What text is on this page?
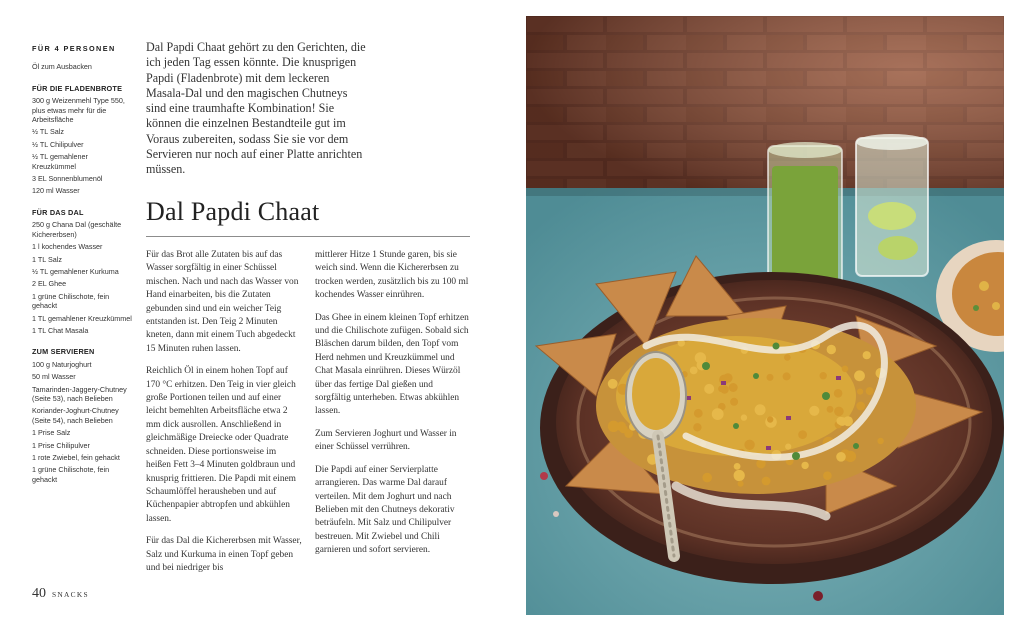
FÜR 4 PERSONEN
Öl zum Ausbacken
FÜR DIE FLADENBROTE
300 g Weizenmehl Type 550, plus etwas mehr für die Arbeitsfläche
½ TL Salz
½ TL Chilipulver
½ TL gemahlener Kreuzkümmel
3 EL Sonnenblumenöl
120 ml Wasser
FÜR DAS DAL
250 g Chana Dal (geschälte Kichererbsen)
1 l kochendes Wasser
1 TL Salz
½ TL gemahlener Kurkuma
2 EL Ghee
1 grüne Chilischote, fein gehackt
1 TL gemahlener Kreuzkümmel
1 TL Chat Masala
ZUM SERVIEREN
100 g Naturjoghurt
50 ml Wasser
Tamarinden-Jaggery-Chutney (Seite 53), nach Belieben
Koriander-Joghurt-Chutney (Seite 54), nach Belieben
1 Prise Salz
1 Prise Chilipulver
1 rote Zwiebel, fein gehackt
1 grüne Chilischote, fein gehackt
Dal Papdi Chaat gehört zu den Gerichten, die ich jeden Tag essen könnte. Die knusprigen Papdi (Fladenbrote) mit dem leckeren Masala-Dal und den magischen Chutneys sind eine traumhafte Kombination! Sie können die einzelnen Bestandteile gut im Voraus zubereiten, sodass Sie sie vor dem Servieren nur noch auf einer Platte anrichten müssen.
Dal Papdi Chaat

Für das Brot alle Zutaten bis auf das Wasser sorgfältig in einer Schüssel mischen. Nach und nach das Wasser von Hand einarbeiten, bis die Zutaten gebunden sind und ein weicher Teig entstanden ist. Den Teig 2 Minuten kneten, dann mit einem Tuch abgedeckt 15 Minuten ruhen lassen.

Reichlich Öl in einem hohen Topf auf 170 °C erhitzen. Den Teig in vier gleich große Portionen teilen und auf einer leicht bemehlten Arbeitsfläche etwa 2 mm dick ausrollen. Anschließend in gleichmäßige Dreiecke oder Quadrate schneiden. Diese portionsweise im heißen Fett 3–4 Minuten goldbraun und knusprig frittieren. Die Papdi mit einem Schaumlöffel herausheben und auf Küchenpapier abtropfen und abkühlen lassen.

Für das Dal die Kichererbsen mit Wasser, Salz und Kurkuma in einen Topf geben und bei niedriger bis

mittlerer Hitze 1 Stunde garen, bis sie weich sind. Wenn die Kichererbsen zu trocken werden, zusätzlich bis zu 100 ml kochendes Wasser einrühren.

Das Ghee in einem kleinen Topf erhitzen und die Chilischote zufügen. Sobald sich Bläschen darum bilden, den Topf vom Herd nehmen und Kreuzkümmel und Chat Masala einrühren. Dieses Würzöl über das fertige Dal gießen und sorgfältig unterheben. Etwas abkühlen lassen.

Zum Servieren Joghurt und Wasser in einer Schüssel verrühren.

Die Papdi auf einer Servierplatte arrangieren. Das warme Dal darauf verteilen. Mit dem Joghurt und nach Belieben mit den Chutneys dekorativ beträufeln. Mit Salz und Chilipulver bestreuen. Mit Zwiebel und Chili garnieren und sofort servieren.

40 SNACKS
